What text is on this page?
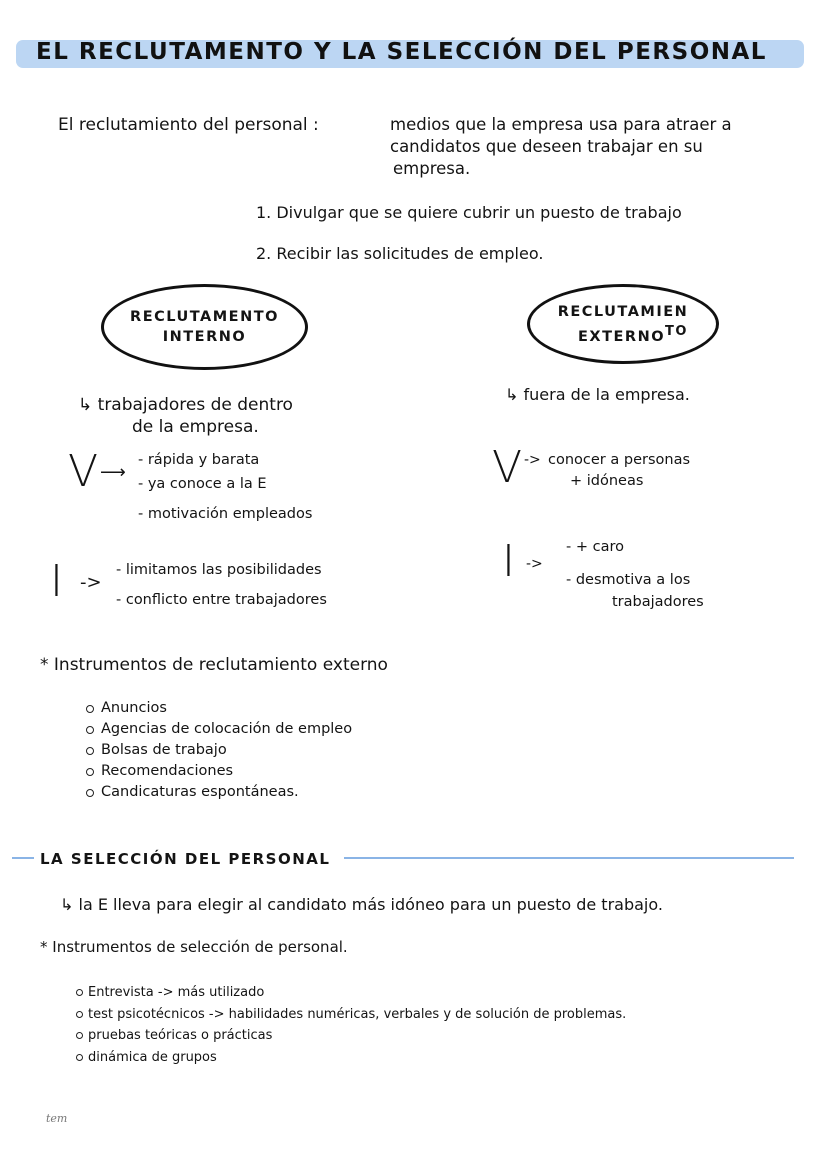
EL RECLUTAMENTO Y LA SELECCIÓN DEL PERSONAL
El reclutamiento del personal :	medios que la empresa usa para atraer a
candidatos que deseen trabajar en su
empresa.
1. Divulgar que se quiere cubrir un puesto de trabajo
2. Recibir las solicitudes de empleo.
RECLUTAMENTO
INTERNO
RECLUTAMIEN
$EXTERNO^{TO}$
↳ trabajadores de dentro
de la empresa.
V ⟶
- rápida y barata
- ya conoce a la E
- motivación empleados
I ->
- limitamos las posibilidades
- conflicto entre trabajadores
↳ fuera de la empresa.
V -> conocer a personas
+ idóneas
I ->
- + caro
- desmotiva a los
trabajadores
* Instrumentos de reclutamiento externo
Anuncios
Agencias de colocación de empleo
Bolsas de trabajo
Recomendaciones
Candicaturas espontáneas.
LA SELECCIÓN DEL PERSONAL
↳ la E lleva para elegir al candidato más idóneo para un puesto de trabajo.
* Instrumentos de selección de personal.
Entrevista -> más utilizado
test psicotécnicos -> habilidades numéricas, verbales y de solución de problemas.
pruebas teóricas o prácticas
dinámica de grupos
tem
